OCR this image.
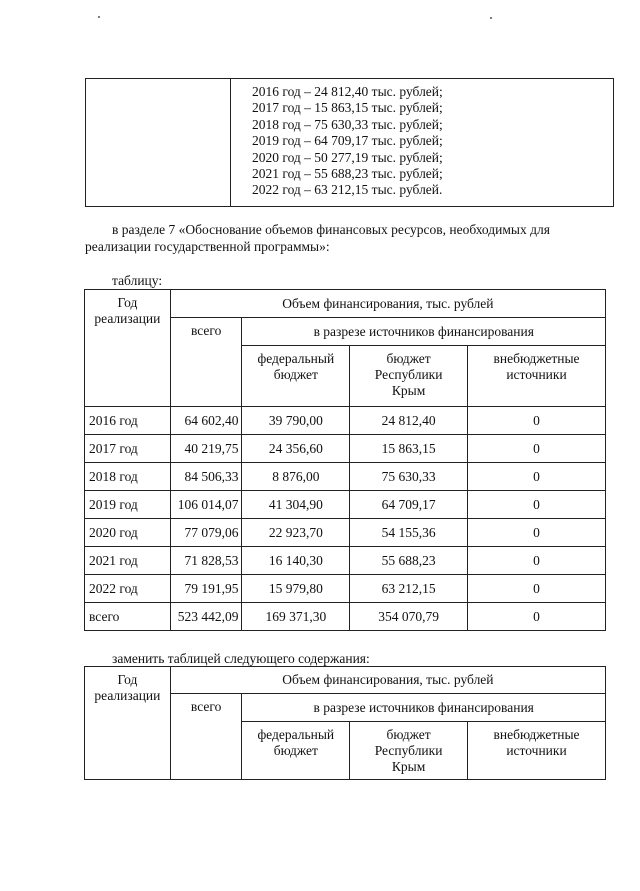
2016 год – 24 812,40 тыс. рублей;
2017 год – 15 863,15 тыс. рублей;
2018 год – 75 630,33 тыс. рублей;
2019 год – 64 709,17 тыс. рублей;
2020 год – 50 277,19 тыс. рублей;
2021 год – 55 688,23 тыс. рублей;
2022 год – 63 212,15 тыс. рублей.
в разделе 7 «Обоснование объемов финансовых ресурсов, необходимых для
реализации государственной программы»:
таблицу:
Год реализации	Объем финансирования, тыс. рублей			
	всего	в разрезе источников финансирования		
		федеральный бюджет	бюджет Республики Крым	внебюджетные источники
2016 год	64 602,40	39 790,00	24 812,40	0
2017 год	40 219,75	24 356,60	15 863,15	0
2018 год	84 506,33	8 876,00	75 630,33	0
2019 год	106 014,07	41 304,90	64 709,17	0
2020 год	77 079,06	22 923,70	54 155,36	0
2021 год	71 828,53	16 140,30	55 688,23	0
2022 год	79 191,95	15 979,80	63 212,15	0
всего	523 442,09	169 371,30	354 070,79	0
заменить таблицей следующего содержания:
Год реализации	Объем финансирования, тыс. рублей			
	всего	в разрезе источников финансирования		
		федеральный бюджет	бюджет Республики Крым	внебюджетные источники
